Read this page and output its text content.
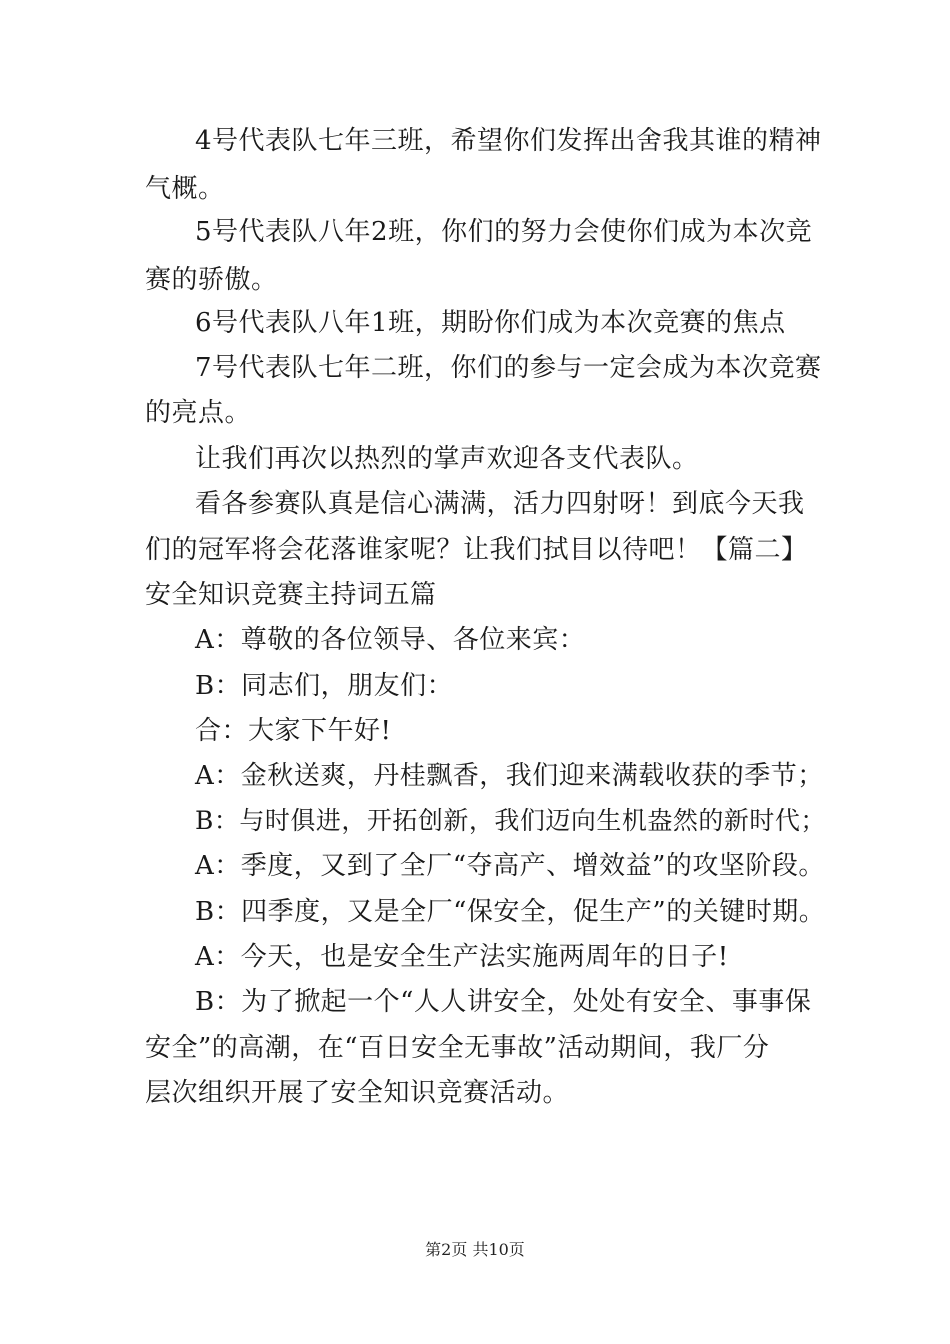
4号代表队七年三班，希望你们发挥出舍我其谁的精神
气概。
5号代表队八年2班，你们的努力会使你们成为本次竞
赛的骄傲。
6号代表队八年1班，期盼你们成为本次竞赛的焦点
7号代表队七年二班，你们的参与一定会成为本次竞赛
的亮点。
让我们再次以热烈的掌声欢迎各支代表队。
看各参赛队真是信心满满，活力四射呀！到底今天我
们的冠军将会花落谁家呢？让我们拭目以待吧！【篇二】
安全知识竞赛主持词五篇
A：尊敬的各位领导、各位来宾：
B：同志们，朋友们：
合：大家下午好!
A：金秋送爽，丹桂飘香，我们迎来满载收获的季节；
B：与时俱进，开拓创新，我们迈向生机盎然的新时代；
A：季度，又到了全厂“夺高产、增效益”的攻坚阶段。
B：四季度，又是全厂“保安全，促生产”的关键时期。
A：今天，也是安全生产法实施两周年的日子!
B：为了掀起一个“人人讲安全，处处有安全、事事保
安全”的高潮，在“百日安全无事故”活动期间，我厂分
层次组织开展了安全知识竞赛活动。
第2页 共10页
